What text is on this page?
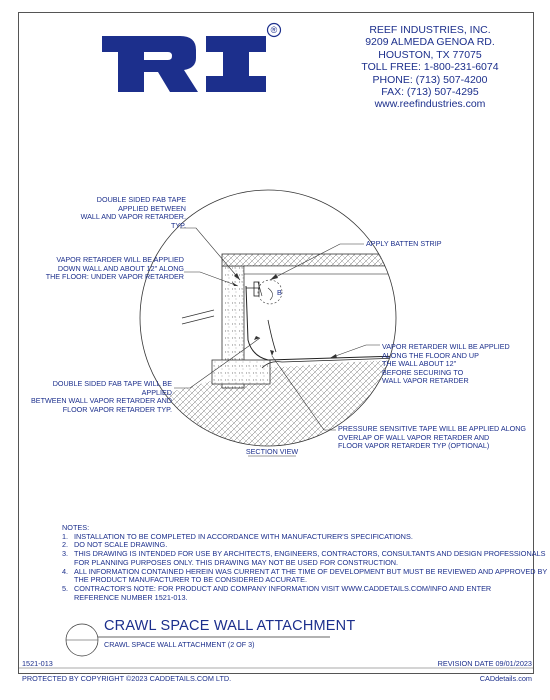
®	REEF INDUSTRIES, INC.
9209 ALMEDA GENOA RD.
HOUSTON, TX 77075
TOLL FREE: 1-800-231-6074
PHONE: (713) 507-4200
FAX: (713) 507-4295
www.reefindustries.com
DOUBLE SIDED FAB TAPE
APPLIED BETWEEN
WALL AND VAPOR RETARDER.
TYP.
VAPOR RETARDER WILL BE APPLIED
DOWN WALL AND ABOUT 12" ALONG
THE FLOOR: UNDER VAPOR RETARDER
APPLY BATTEN STRIP
VAPOR RETARDER WILL BE APPLIED
ALONG THE FLOOR AND UP
THE WALL ABOUT 12"
BEFORE SECURING TO
WALL VAPOR RETARDER
DOUBLE SIDED FAB TAPE WILL BE APPLIED
BETWEEN WALL VAPOR RETARDER AND
FLOOR VAPOR RETARDER TYP.
PRESSURE SENSITIVE TAPE WILL BE APPLIED ALONG
OVERLAP OF WALL VAPOR RETARDER AND
FLOOR VAPOR RETARDER TYP (OPTIONAL)
SECTION VIEW
B
NOTES:
1. INSTALLATION TO BE COMPLETED IN ACCORDANCE WITH MANUFACTURER'S SPECIFICATIONS.
2. DO NOT SCALE DRAWING.
3. THIS DRAWING IS INTENDED FOR USE BY ARCHITECTS, ENGINEERS, CONTRACTORS, CONSULTANTS AND DESIGN PROFESSIONALS
FOR PLANNING PURPOSES ONLY. THIS DRAWING MAY NOT BE USED FOR CONSTRUCTION.
4. ALL INFORMATION CONTAINED HEREIN WAS CURRENT AT THE TIME OF DEVELOPMENT BUT MUST BE REVIEWED AND APPROVED BY
THE PRODUCT MANUFACTURER TO BE CONSIDERED ACCURATE.
5. CONTRACTOR'S NOTE: FOR PRODUCT AND COMPANY INFORMATION VISIT WWW.CADDETAILS.COM/INFO AND ENTER
REFERENCE NUMBER 1521-013.
CRAWL SPACE WALL ATTACHMENT
CRAWL SPACE WALL ATTACHMENT (2 OF 3)
1521-013	REVISION DATE 09/01/2023
PROTECTED BY COPYRIGHT ©2023 CADDETAILS.COM LTD.	CADdetails.com
